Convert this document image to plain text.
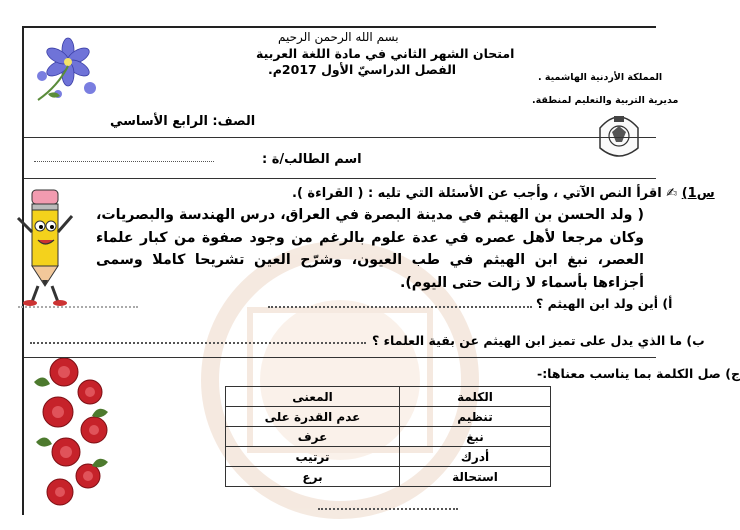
بسم الله الرحمن الرحيم
امتحان الشهر الثاني في مادة اللغة العربية
الفصل الدراسيّ الأول 2017م.
المملكة الأردنية الهاشمية .
مديرية التربية والتعليم لمنطقة.
الصف: الرابع الأساسي
اسم الطالب/ة :
س1) ✍ اقرأ النص الآتي ، وأجب عن الأسئلة التي تليه : ( القراءة ).
( ولد الحسن بن الهيثم في مدينة البصرة في العراق، درس الهندسة والبصريات، وكان مرجعا لأهل عصره في عدة علوم بالرغم من وجود صفوة من كبار علماء العصر، نبغ ابن الهيثم في طب العيون، وشرّح العين تشريحا كاملا وسمى أجزاءها بأسماء لا زالت حتى اليوم).
أ) أين ولد ابن الهيثم ؟
ب) ما الذي يدل على تميز ابن الهيثم عن بقية العلماء ؟
ج) صل الكلمة بما يناسب معناها:-
الكلمة	المعنى
تنظيم	عدم القدرة على
نبغ	عرف
أدرك	ترتيب
استحالة	برع
